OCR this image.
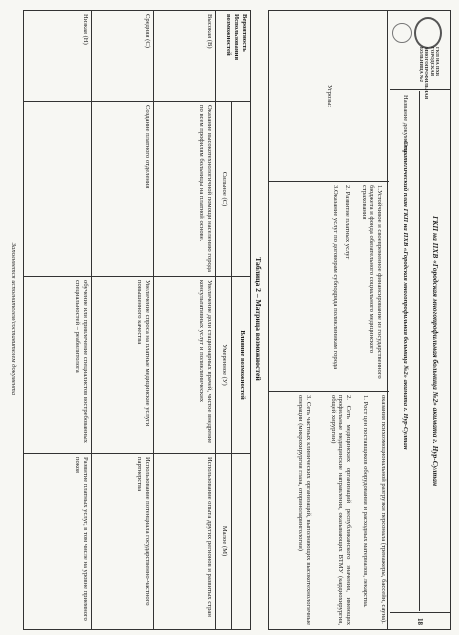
ГКП НА ПХВ ГОРОДСКАЯ МНОГОПРОФИЛЬНАЯ БОЛЬНИЦА №2
ГКП на ПХВ «Городская многопрофильная больница №2» акимата г. Нур-Султан
Название документа:
Стратегический план ГКП на ПХВ «Городская многопрофильная больница №2» акимата г. Нур-Султан
18
Угрозы:
1.Устойчивое и своевременное финансирование из государственного бюджета и фонда обязательного социального медицинского страхования
2. Развитие платных услуг
3.Оказание услуг по договорам субподряда поликлиникам города
оказания психоэмоциональной разгрузки персонала (тренажеры, бассейн, сауна).
1. Рост цен поставщиков оборудования и расходных материалов, лекарства.
2. Сеть медицинских организаций республиканского значения, имеющих профильные медицинские направления, оказывающих ВТМУ (кардиохирургия, общей хирургии)
3. Сеть частных клинических организаций, выполняющих высокотехнологичные операции (микрохирургия глаза, оториноларингология)
Таблица 2 – Матрица возможностей
Вероятность
Использования возможностей
Влияние возможностей
Сильное (С)
Умеренное (У)
Малое (М)
Высокая (В)
Оказание высокотехнологичной помощи населению города по всем профилям больницы на платной основе.
Увеличение доли стационарных врачей, чистое внедрение консультативных услуг и поликлинических
Использование опыта других регионов и развитых стран
Средняя (С)
Создание платного отделения
Увеличение спроса на платные медицинские услуги повышенного качества
Использование потенциала государственно-частного партнерства
Низкая (Н)
обучение или привлечение специалистов востребованных специальностей – реабилитолога
Развитие платных услуг, в том числе на уровне приемного покоя
Заполняется исполнителем/составителем документа
